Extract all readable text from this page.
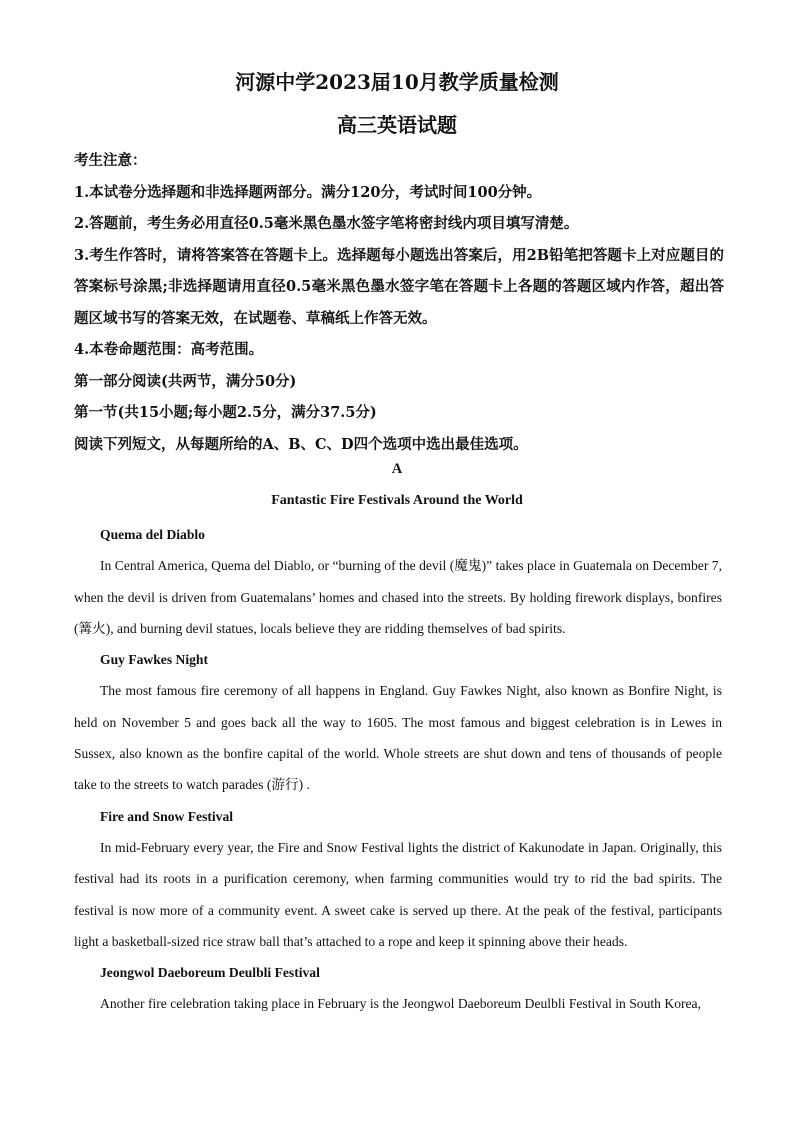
河源中学2023届10月教学质量检测
高三英语试题
考生注意：
1.本试卷分选择题和非选择题两部分。满分120分，考试时间100分钟。
2.答题前，考生务必用直径0.5毫米黑色墨水签字笔将密封线内项目填写清楚。
3.考生作答时，请将答案答在答题卡上。选择题每小题选出答案后，用2B铅笔把答题卡上对应题目的答案标号涂黑;非选择题请用直径0.5毫米黑色墨水签字笔在答题卡上各题的答题区域内作答，超出答题区域书写的答案无效，在试题卷、草稿纸上作答无效。
4.本卷命题范围：高考范围。
第一部分阅读(共两节，满分50分)
第一节(共15小题;每小题2.5分，满分37.5分)
阅读下列短文，从每题所给的A、B、C、D四个选项中选出最佳选项。
A
Fantastic Fire Festivals Around the World
Quema del Diablo

In Central America, Quema del Diablo, or “burning of the devil (魔鬼)” takes place in Guatemala on December 7, when the devil is driven from Guatemalans’ homes and chased into the streets. By holding firework displays, bonfires (篝火), and burning devil statues, locals believe they are ridding themselves of bad spirits.

Guy Fawkes Night

The most famous fire ceremony of all happens in England. Guy Fawkes Night, also known as Bonfire Night, is held on November 5 and goes back all the way to 1605. The most famous and biggest celebration is in Lewes in Sussex, also known as the bonfire capital of the world. Whole streets are shut down and tens of thousands of people take to the streets to watch parades (游行) .

Fire and Snow Festival

In mid-February every year, the Fire and Snow Festival lights the district of Kakunodate in Japan. Originally, this festival had its roots in a purification ceremony, when farming communities would try to rid the bad spirits. The festival is now more of a community event. A sweet cake is served up there. At the peak of the festival, participants light a basketball-sized rice straw ball that’s attached to a rope and keep it spinning above their heads.

Jeongwol Daeboreum Deulbli Festival

Another fire celebration taking place in February is the Jeongwol Daeboreum Deulbli Festival in South Korea,
